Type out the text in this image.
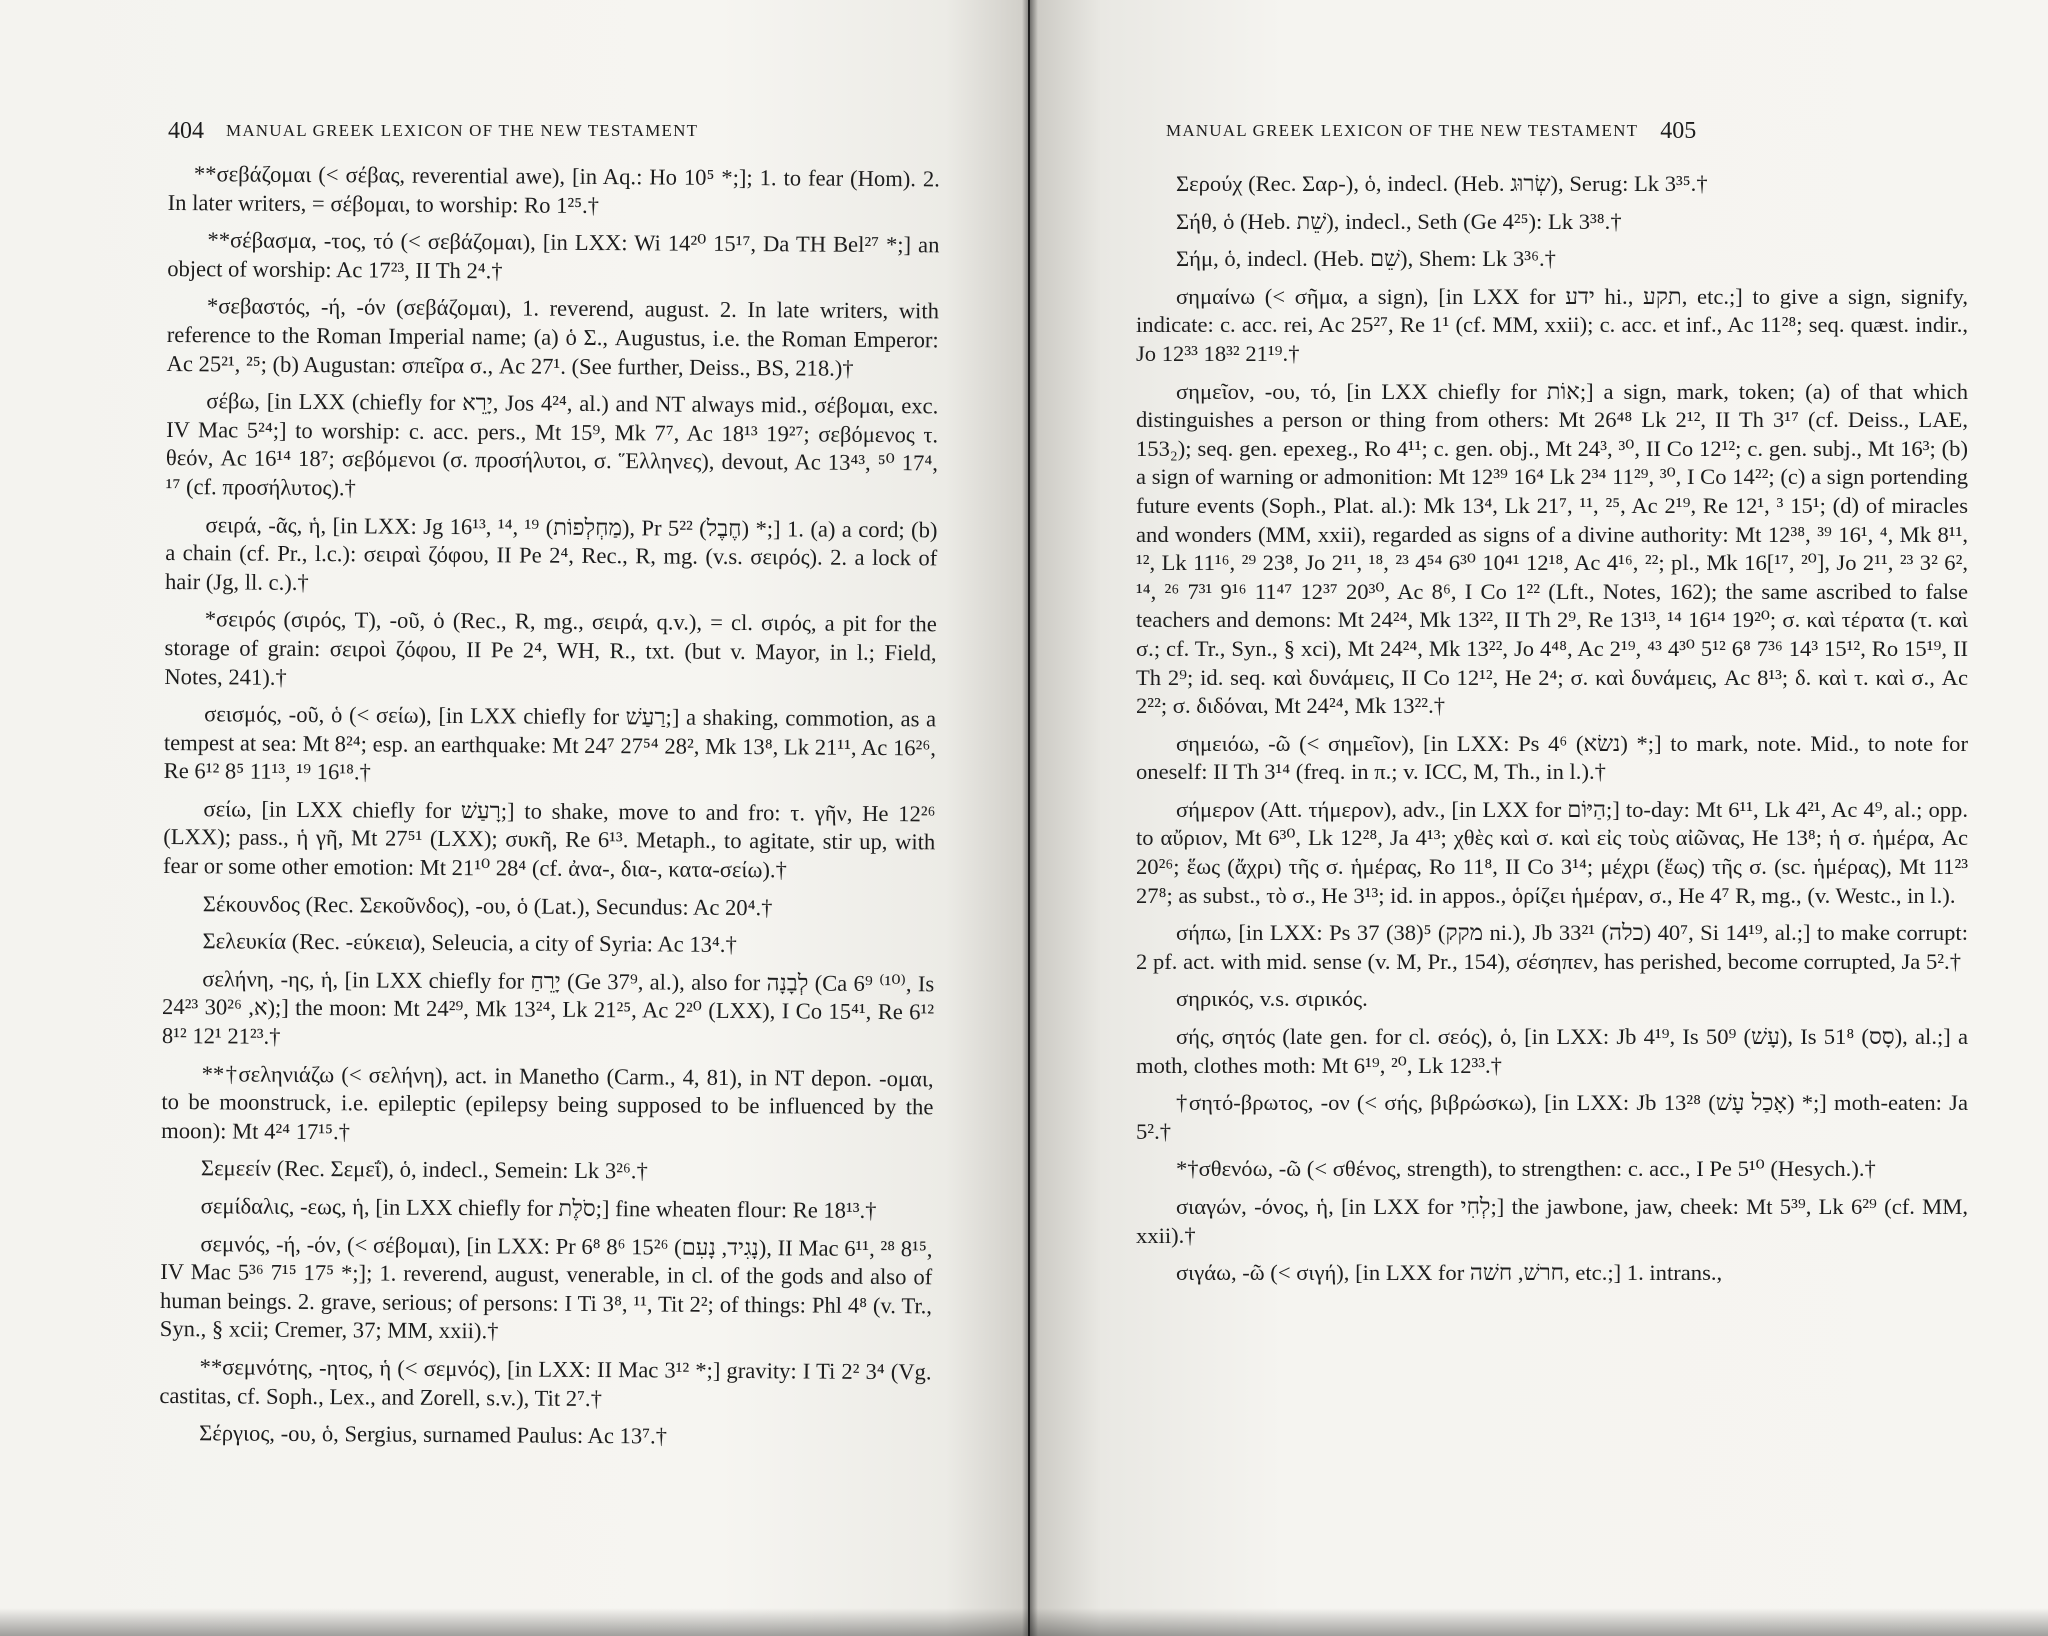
404 MANUAL GREEK LEXICON OF THE NEW TESTAMENT

**σεβάζομαι (< σέβας, reverential awe), [in Aq.: Ho 10⁵ *;]; 1. to fear (Hom). 2. In later writers, = σέβομαι, to worship: Ro 1²⁵.†

**σέβασμα, -τος, τό (< σεβάζομαι), [in LXX: Wi 14²⁰ 15¹⁷, Da TH Bel²⁷ *;] an object of worship: Ac 17²³, II Th 2⁴.†

*σεβαστός, -ή, -όν (σεβάζομαι), 1. reverend, august. 2. In late writers, with reference to the Roman Imperial name; (a) ὁ Σ., Augustus, i.e. the Roman Emperor: Ac 25²¹, ²⁵; (b) Augustan: σπεῖρα σ., Ac 27¹. (See further, Deiss., BS, 218.)†

σέβω, [in LXX (chiefly for יָרֵא, Jos 4²⁴, al.) and NT always mid., σέβομαι, exc. IV Mac 5²⁴;] to worship: c. acc. pers., Mt 15⁹, Mk 7⁷, Ac 18¹³ 19²⁷; σεβόμενος τ. θεόν, Ac 16¹⁴ 18⁷; σεβόμενοι (σ. προσήλυτοι, σ. Ἕλληνες), devout, Ac 13⁴³, ⁵⁰ 17⁴, ¹⁷ (cf. προσήλυτος).†

σειρά, -ᾶς, ἡ, [in LXX: Jg 16¹³, ¹⁴, ¹⁹ (מַחְלְפוֹת), Pr 5²² (חֶבֶל) *;] 1. (a) a cord; (b) a chain (cf. Pr., l.c.): σειραὶ ζόφου, II Pe 2⁴, Rec., R, mg. (v.s. σειρός). 2. a lock of hair (Jg, ll. c.).†

*σειρός (σιρός, T), -οῦ, ὁ (Rec., R, mg., σειρά, q.v.), = cl. σιρός, a pit for the storage of grain: σειροὶ ζόφου, II Pe 2⁴, WH, R., txt. (but v. Mayor, in l.; Field, Notes, 241).†

σεισμός, -οῦ, ὁ (< σείω), [in LXX chiefly for רַעַשׁ;] a shaking, commotion, as a tempest at sea: Mt 8²⁴; esp. an earthquake: Mt 24⁷ 27⁵⁴ 28², Mk 13⁸, Lk 21¹¹, Ac 16²⁶, Re 6¹² 8⁵ 11¹³, ¹⁹ 16¹⁸.†

σείω, [in LXX chiefly for רָעַשׁ;] to shake, move to and fro: τ. γῆν, He 12²⁶ (LXX); pass., ἡ γῆ, Mt 27⁵¹ (LXX); συκῆ, Re 6¹³. Metaph., to agitate, stir up, with fear or some other emotion: Mt 21¹⁰ 28⁴ (cf. ἀνα-, δια-, κατα-σείω).†

Σέκουνδος (Rec. Σεκοῦνδος), -ου, ὁ (Lat.), Secundus: Ac 20⁴.†

Σελευκία (Rec. -εύκεια), Seleucia, a city of Syria: Ac 13⁴.†

σελήνη, -ης, ἡ, [in LXX chiefly for יָרֵחַ (Ge 37⁹, al.), also for לְבָנָה (Ca 6⁹ ⁽¹⁰⁾, Is 24²³ א, 30²⁶);] the moon: Mt 24²⁹, Mk 13²⁴, Lk 21²⁵, Ac 2²⁰ (LXX), I Co 15⁴¹, Re 6¹² 8¹² 12¹ 21²³.†

**†σεληνιάζω (< σελήνη), act. in Manetho (Carm., 4, 81), in NT depon. -ομαι, to be moonstruck, i.e. epileptic (epilepsy being supposed to be influenced by the moon): Mt 4²⁴ 17¹⁵.†

Σεμεείν (Rec. Σεμεΐ), ὁ, indecl., Semein: Lk 3²⁶.†

σεμίδαλις, -εως, ἡ, [in LXX chiefly for סֹלֶת;] fine wheaten flour: Re 18¹³.†

σεμνός, -ή, -όν, (< σέβομαι), [in LXX: Pr 6⁸ 8⁶ 15²⁶ (נָגִיד, נָעִם), II Mac 6¹¹, ²⁸ 8¹⁵, IV Mac 5³⁶ 7¹⁵ 17⁵ *;]; 1. reverend, august, venerable, in cl. of the gods and also of human beings. 2. grave, serious; of persons: I Ti 3⁸, ¹¹, Tit 2²; of things: Phl 4⁸ (v. Tr., Syn., § xcii; Cremer, 37; MM, xxii).†

**σεμνότης, -ητος, ἡ (< σεμνός), [in LXX: II Mac 3¹² *;] gravity: I Ti 2² 3⁴ (Vg. castitas, cf. Soph., Lex., and Zorell, s.v.), Tit 2⁷.†

Σέργιος, -ου, ὁ, Sergius, surnamed Paulus: Ac 13⁷.†

MANUAL GREEK LEXICON OF THE NEW TESTAMENT 405

Σερούχ (Rec. Σαρ-), ὁ, indecl. (Heb. שְׂרוּג), Serug: Lk 3³⁵.†

Σήθ, ὁ (Heb. שֵׁת), indecl., Seth (Ge 4²⁵): Lk 3³⁸.†

Σήμ, ὁ, indecl. (Heb. שֵׁם), Shem: Lk 3³⁶.†

σημαίνω (< σῆμα, a sign), [in LXX for ידע hi., תקע, etc.;] to give a sign, signify, indicate: c. acc. rei, Ac 25²⁷, Re 1¹ (cf. MM, xxii); c. acc. et inf., Ac 11²⁸; seq. quæst. indir., Jo 12³³ 18³² 21¹⁹.†

σημεῖον, -ου, τό, [in LXX chiefly for אוֹת;] a sign, mark, token; (a) of that which distinguishes a person or thing from others: Mt 26⁴⁸ Lk 2¹², II Th 3¹⁷ (cf. Deiss., LAE, 153₂); seq. gen. epexeg., Ro 4¹¹; c. gen. obj., Mt 24³, ³⁰, II Co 12¹²; c. gen. subj., Mt 16³; (b) a sign of warning or admonition: Mt 12³⁹ 16⁴ Lk 2³⁴ 11²⁹, ³⁰, I Co 14²²; (c) a sign portending future events (Soph., Plat. al.): Mk 13⁴, Lk 21⁷, ¹¹, ²⁵, Ac 2¹⁹, Re 12¹, ³ 15¹; (d) of miracles and wonders (MM, xxii), regarded as signs of a divine authority: Mt 12³⁸, ³⁹ 16¹, ⁴, Mk 8¹¹, ¹², Lk 11¹⁶, ²⁹ 23⁸, Jo 2¹¹, ¹⁸, ²³ 4⁵⁴ 6³⁰ 10⁴¹ 12¹⁸, Ac 4¹⁶, ²²; pl., Mk 16[¹⁷, ²⁰], Jo 2¹¹, ²³ 3² 6², ¹⁴, ²⁶ 7³¹ 9¹⁶ 11⁴⁷ 12³⁷ 20³⁰, Ac 8⁶, I Co 1²² (Lft., Notes, 162); the same ascribed to false teachers and demons: Mt 24²⁴, Mk 13²², II Th 2⁹, Re 13¹³, ¹⁴ 16¹⁴ 19²⁰; σ. καὶ τέρατα (τ. καὶ σ.; cf. Tr., Syn., § xci), Mt 24²⁴, Mk 13²², Jo 4⁴⁸, Ac 2¹⁹, ⁴³ 4³⁰ 5¹² 6⁸ 7³⁶ 14³ 15¹², Ro 15¹⁹, II Th 2⁹; id. seq. καὶ δυνάμεις, II Co 12¹², He 2⁴; σ. καὶ δυνάμεις, Ac 8¹³; δ. καὶ τ. καὶ σ., Ac 2²²; σ. διδόναι, Mt 24²⁴, Mk 13²².†

σημειόω, -ῶ (< σημεῖον), [in LXX: Ps 4⁶ (נשׂא) *;] to mark, note. Mid., to note for oneself: II Th 3¹⁴ (freq. in π.; v. ICC, M, Th., in l.).†

σήμερον (Att. τήμερον), adv., [in LXX for הַיּוֹם;] to-day: Mt 6¹¹, Lk 4²¹, Ac 4⁹, al.; opp. to αὔριον, Mt 6³⁰, Lk 12²⁸, Ja 4¹³; χθὲς καὶ σ. καὶ εἰς τοὺς αἰῶνας, He 13⁸; ἡ σ. ἡμέρα, Ac 20²⁶; ἕως (ἄχρι) τῆς σ. ἡμέρας, Ro 11⁸, II Co 3¹⁴; μέχρι (ἕως) τῆς σ. (sc. ἡμέρας), Mt 11²³ 27⁸; as subst., τὸ σ., He 3¹³; id. in appos., ὁρίζει ἡμέραν, σ., He 4⁷ R, mg., (v. Westc., in l.).

σήπω, [in LXX: Ps 37 (38)⁵ (מקק ni.), Jb 33²¹ (כלה) 40⁷, Si 14¹⁹, al.;] to make corrupt: 2 pf. act. with mid. sense (v. M, Pr., 154), σέσηπεν, has perished, become corrupted, Ja 5².†

σηρικός, v.s. σιρικός.

σής, σητός (late gen. for cl. σεός), ὁ, [in LXX: Jb 4¹⁹, Is 50⁹ (עָשׁ), Is 51⁸ (סָס), al.;] a moth, clothes moth: Mt 6¹⁹, ²⁰, Lk 12³³.†

†σητό-βρωτος, -ον (< σής, βιβρώσκω), [in LXX: Jb 13²⁸ (אָכַל עָשׁ) *;] moth-eaten: Ja 5².†

*†σθενόω, -ῶ (< σθένος, strength), to strengthen: c. acc., I Pe 5¹⁰ (Hesych.).†

σιαγών, -όνος, ἡ, [in LXX for לְחִי;] the jawbone, jaw, cheek: Mt 5³⁹, Lk 6²⁹ (cf. MM, xxii).†

σιγάω, -ῶ (< σιγή), [in LXX for חרשׁ, חשׁה, etc.;] 1. intrans.,
